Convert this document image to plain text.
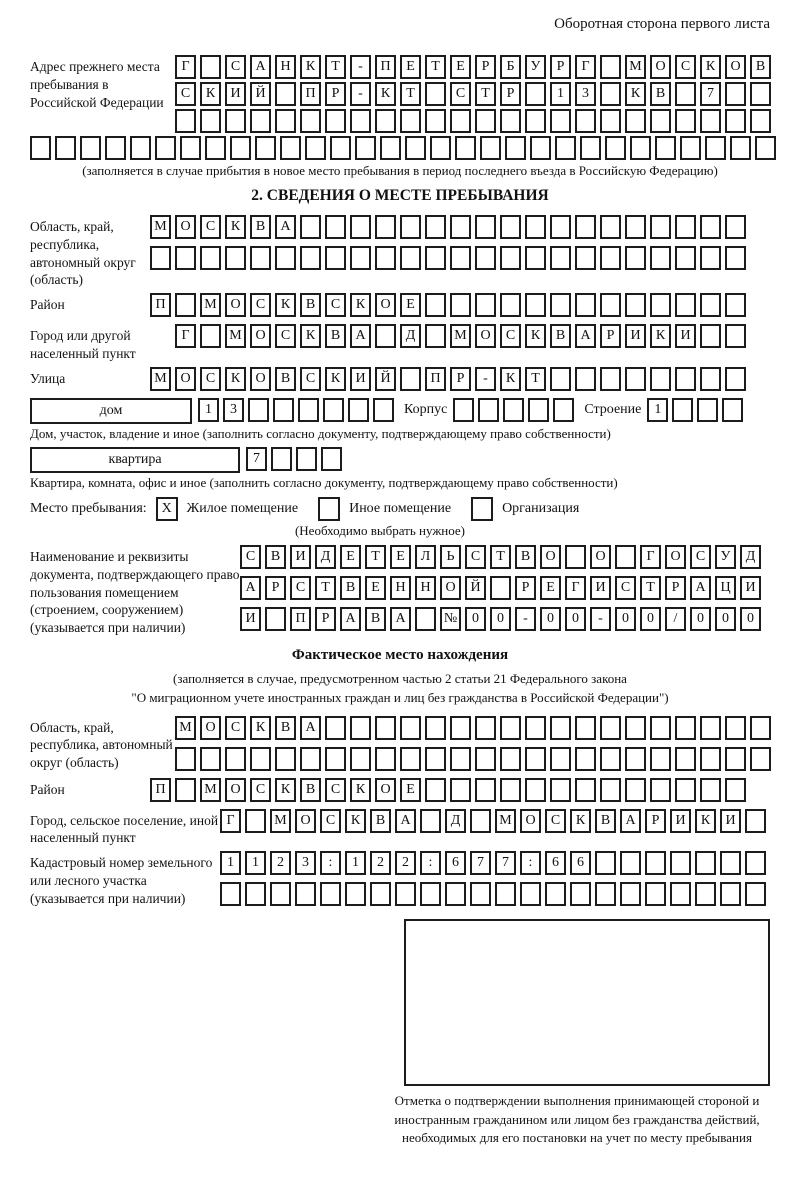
Оборотная сторона первого листа
Адрес прежнего места пребывания в Российской Федерации
Г	С	А	Н	К	Т	-	П	Е	Т	Е	Р	Б	У	Р	Г	М О	С	К	О	В
С	К	И	Й	П	Р	-	К	Т	С	Т	Р	1	3	К	В	7
(заполняется в случае прибытия в новое место пребывания в период последнего въезда в Российскую Федерацию)
2. СВЕДЕНИЯ О МЕСТЕ ПРЕБЫВАНИЯ
Область, край, республика, автономный округ (область)
М О	С	К	В	А
Район	П	М О	С	К	В	С	К	О	Е
Город или другой населенный пункт
Г	М О	С	К	В	А	Д	М О	С	К	В	А	Р	И	К	И
Улица	М О	С	К	О	В	С	К	И	Й	П	Р	-	К	Т
дом	1	3	Корпус	Строение 1
Дом, участок, владение и иное (заполнить согласно документу, подтверждающему право собственности)
квартира	7
Квартира, комната, офис и иное (заполнить согласно документу, подтверждающему право собственности)
Место пребывания:	X	Жилое помещение	Иное помещение	Организация
(Необходимо выбрать нужное)
Наименование и реквизиты документа, подтверждающего право пользования помещением (строением, сооружением) (указывается при наличии)
С	В	И	Д	Е	Т	Е	Л	Ь	С	Т	В	О	О	Г	О	С	У	Д
А	Р	С	Т	В	Е	Н	Н	О	Й	Р	Е	Г	И	С	Т	Р	А	Ц	И
И	П	Р	А	В	А	№	0	0	-	0	0	-	0	0	/	0	0	0
Фактическое место нахождения
(заполняется в случае, предусмотренном частью 2 статьи 21 Федерального закона
"О миграционном учете иностранных граждан и лиц без гражданства в Российской Федерации")
Область, край, республика, автономный округ (область)
М О	С	К	В	А
Район	П	М О	С	К	В	С	К	О	Е
Город, сельское поселение, иной населенный пункт
Г	М О	С	К	В	А	Д	М О	С	К	В	А	Р	И	К	И
Кадастровый номер земельного или лесного участка (указывается при наличии)
1	1	2	3	:	1	2	2	:	6	7	7	:	6	6
Отметка о подтверждении выполнения принимающей стороной и иностранным гражданином или лицом без гражданства действий, необходимых для его постановки на учет по месту пребывания
